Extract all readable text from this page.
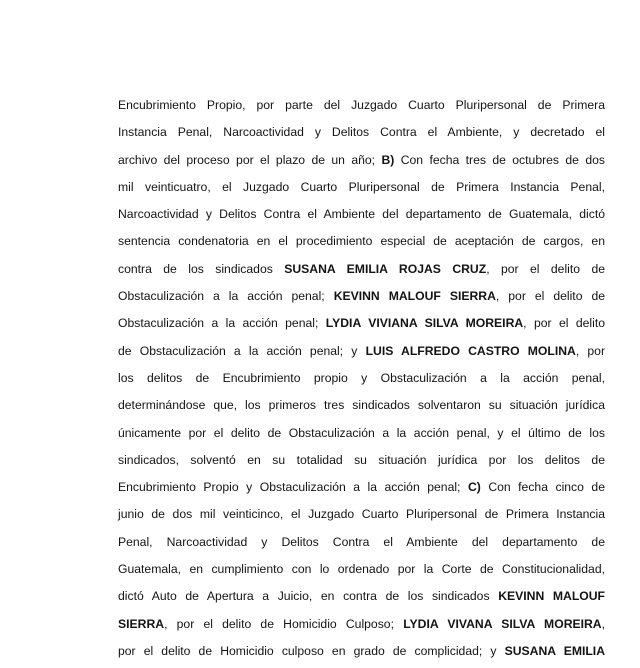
Encubrimiento Propio, por parte del Juzgado Cuarto Pluripersonal de Primera
Instancia Penal, Narcoactividad y Delitos Contra el Ambiente, y decretado el
archivo del proceso por el plazo de un año; B) Con fecha tres de octubres de dos
mil veinticuatro, el Juzgado Cuarto Pluripersonal de Primera Instancia Penal,
Narcoactividad y Delitos Contra el Ambiente del departamento de Guatemala, dictó
sentencia condenatoria en el procedimiento especial de aceptación de cargos, en
contra de los sindicados SUSANA EMILIA ROJAS CRUZ, por el delito de
Obstaculización a la acción penal; KEVINN MALOUF SIERRA, por el delito de
Obstaculización a la acción penal; LYDIA VIVIANA SILVA MOREIRA, por el delito
de Obstaculización a la acción penal; y LUIS ALFREDO CASTRO MOLINA, por
los delitos de Encubrimiento propio y Obstaculización a la acción penal,
determinándose que, los primeros tres sindicados solventaron su situación jurídica
únicamente por el delito de Obstaculización a la acción penal, y el último de los
sindicados, solventó en su totalidad su situación jurídica por los delitos de
Encubrimiento Propio y Obstaculización a la acción penal; C) Con fecha cinco de
junio de dos mil veinticinco, el Juzgado Cuarto Pluripersonal de Primera Instancia
Penal, Narcoactividad y Delitos Contra el Ambiente del departamento de
Guatemala, en cumplimiento con lo ordenado por la Corte de Constitucionalidad,
dictó Auto de Apertura a Juicio, en contra de los sindicados KEVINN MALOUF
SIERRA, por el delito de Homicidio Culposo; LYDIA VIVANA SILVA MOREIRA,
por el delito de Homicidio culposo en grado de complicidad; y SUSANA EMILIA
